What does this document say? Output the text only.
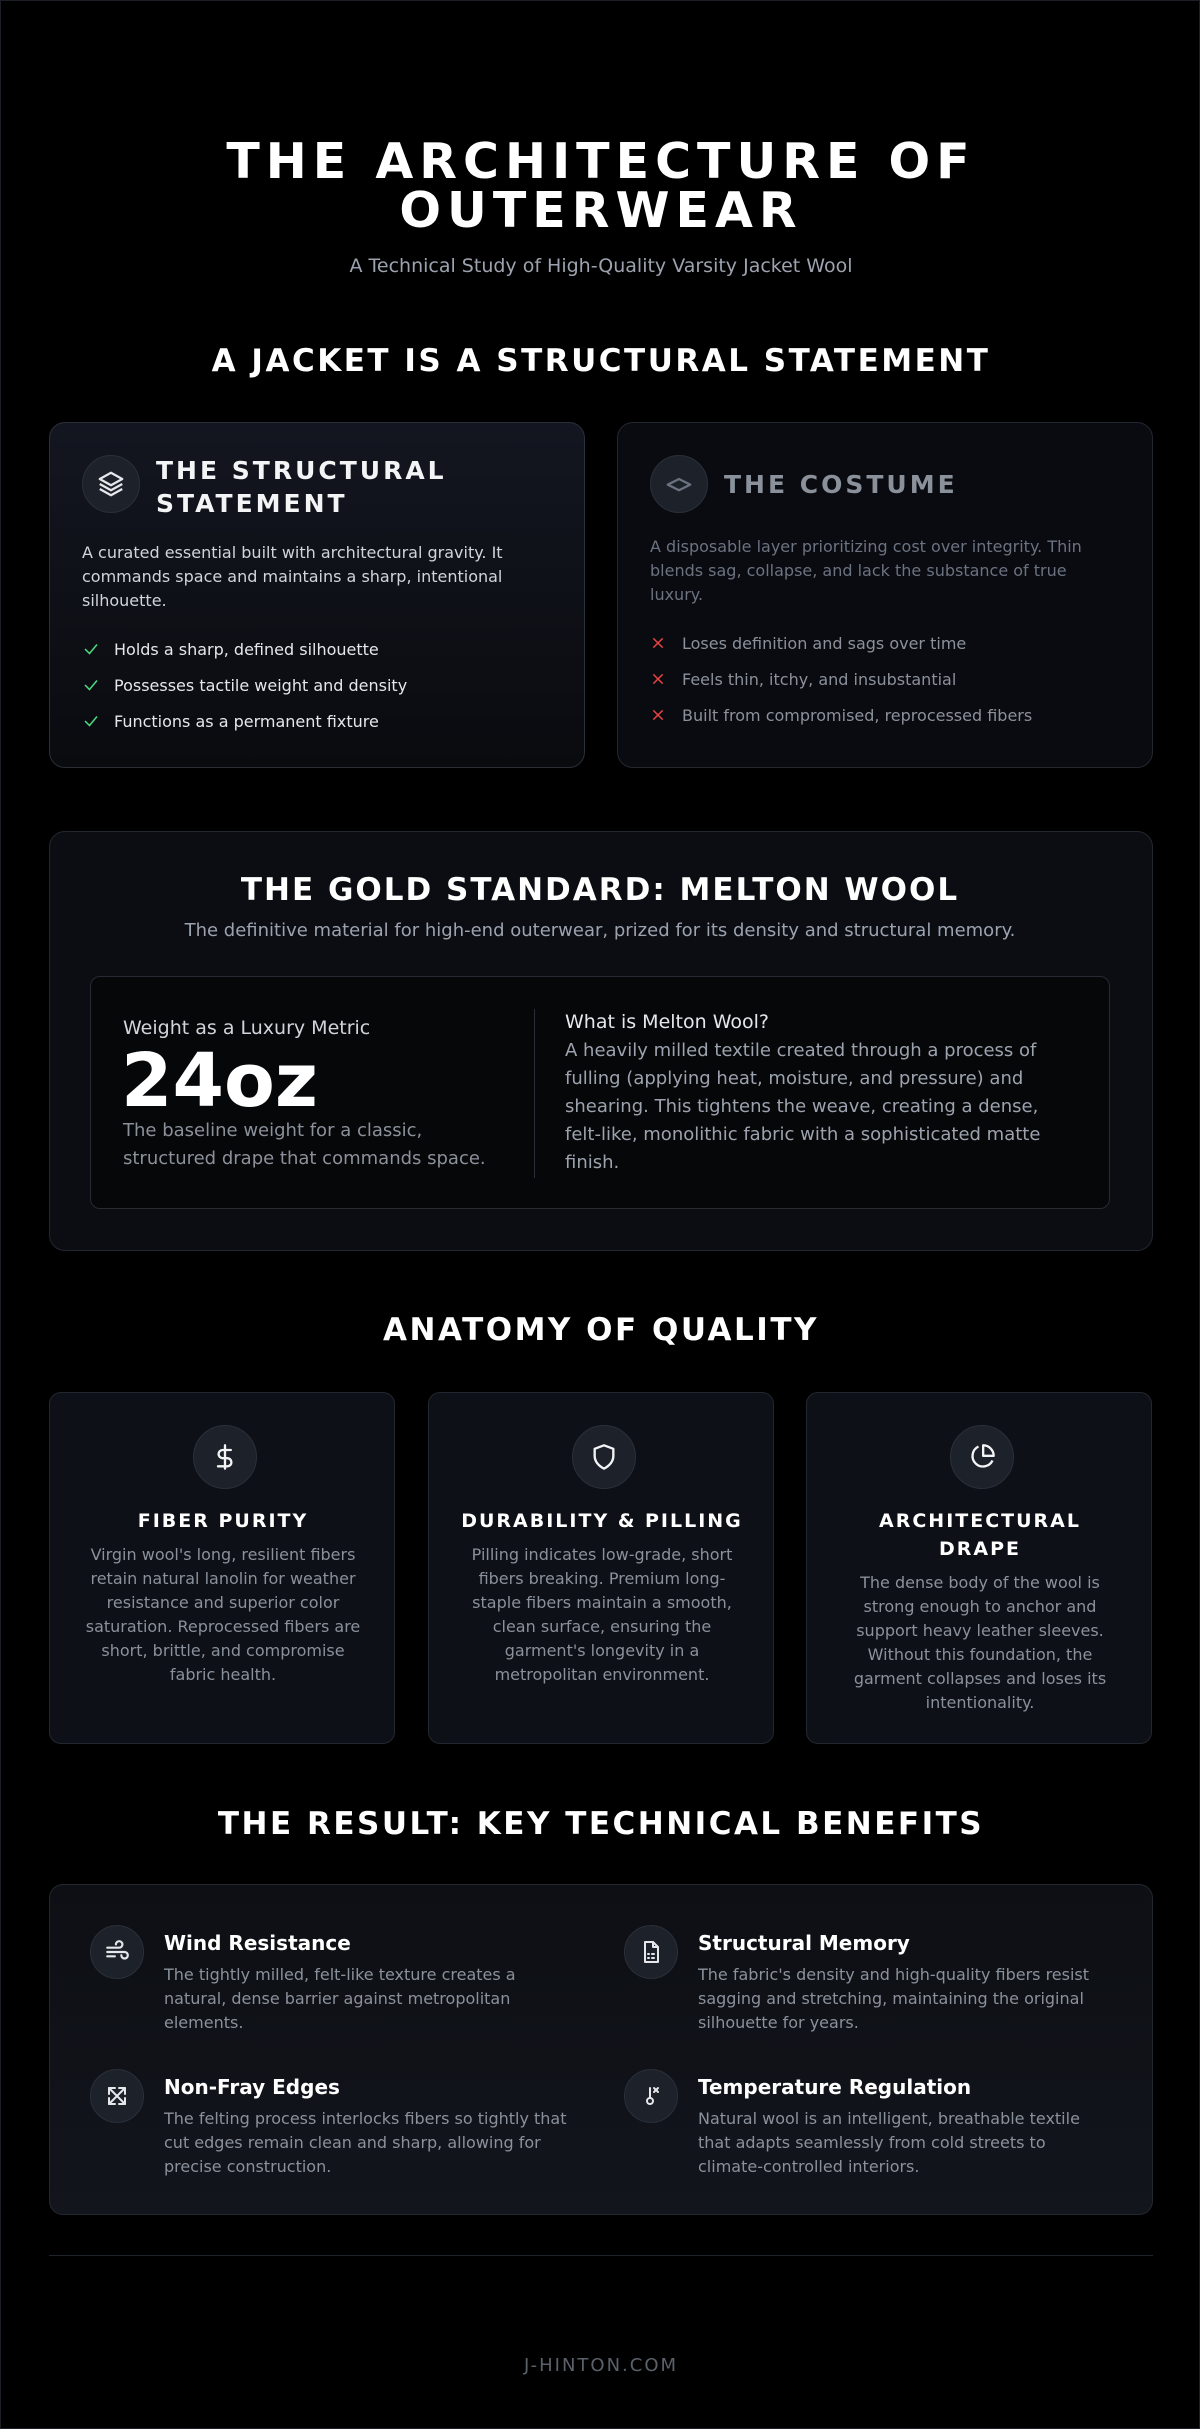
THE ARCHITECTURE OF
OUTERWEAR

A Technical Study of High-Quality Varsity Jacket Wool

A JACKET IS A STRUCTURAL STATEMENT
THE STRUCTURAL
STATEMENT

A curated essential built with architectural gravity. It commands space and maintains a sharp, intentional silhouette.

Holds a sharp, defined silhouette
Possesses tactile weight and density
Functions as a permanent fixture
THE COSTUME

A disposable layer prioritizing cost over integrity. Thin blends sag, collapse, and lack the substance of true luxury.

Loses definition and sags over time
Feels thin, itchy, and insubstantial
Built from compromised, reprocessed fibers
THE GOLD STANDARD: MELTON WOOL

The definitive material for high-end outerwear, prized for its density and structural memory.

Weight as a Luxury Metric
24oz
The baseline weight for a classic, structured drape that commands space.
What is Melton Wool?
A heavily milled textile created through a process of fulling (applying heat, moisture, and pressure) and shearing. This tightens the weave, creating a dense, felt-like, monolithic fabric with a sophisticated matte finish.
ANATOMY OF QUALITY
FIBER PURITY

Virgin wool's long, resilient fibers retain natural lanolin for weather resistance and superior color saturation. Reprocessed fibers are short, brittle, and compromise fabric health.

DURABILITY & PILLING

Pilling indicates low-grade, short fibers breaking. Premium long-staple fibers maintain a smooth, clean surface, ensuring the garment's longevity in a metropolitan environment.

ARCHITECTURAL
DRAPE

The dense body of the wool is strong enough to anchor and support heavy leather sleeves. Without this foundation, the garment collapses and loses its intentionality.

THE RESULT: KEY TECHNICAL BENEFITS
Wind Resistance
The tightly milled, felt-like texture creates a natural, dense barrier against metropolitan elements.
Structural Memory
The fabric's density and high-quality fibers resist sagging and stretching, maintaining the original silhouette for years.
Non-Fray Edges
The felting process interlocks fibers so tightly that cut edges remain clean and sharp, allowing for precise construction.
Temperature Regulation
Natural wool is an intelligent, breathable textile that adapts seamlessly from cold streets to climate-controlled interiors.
J-HINTON.COM
